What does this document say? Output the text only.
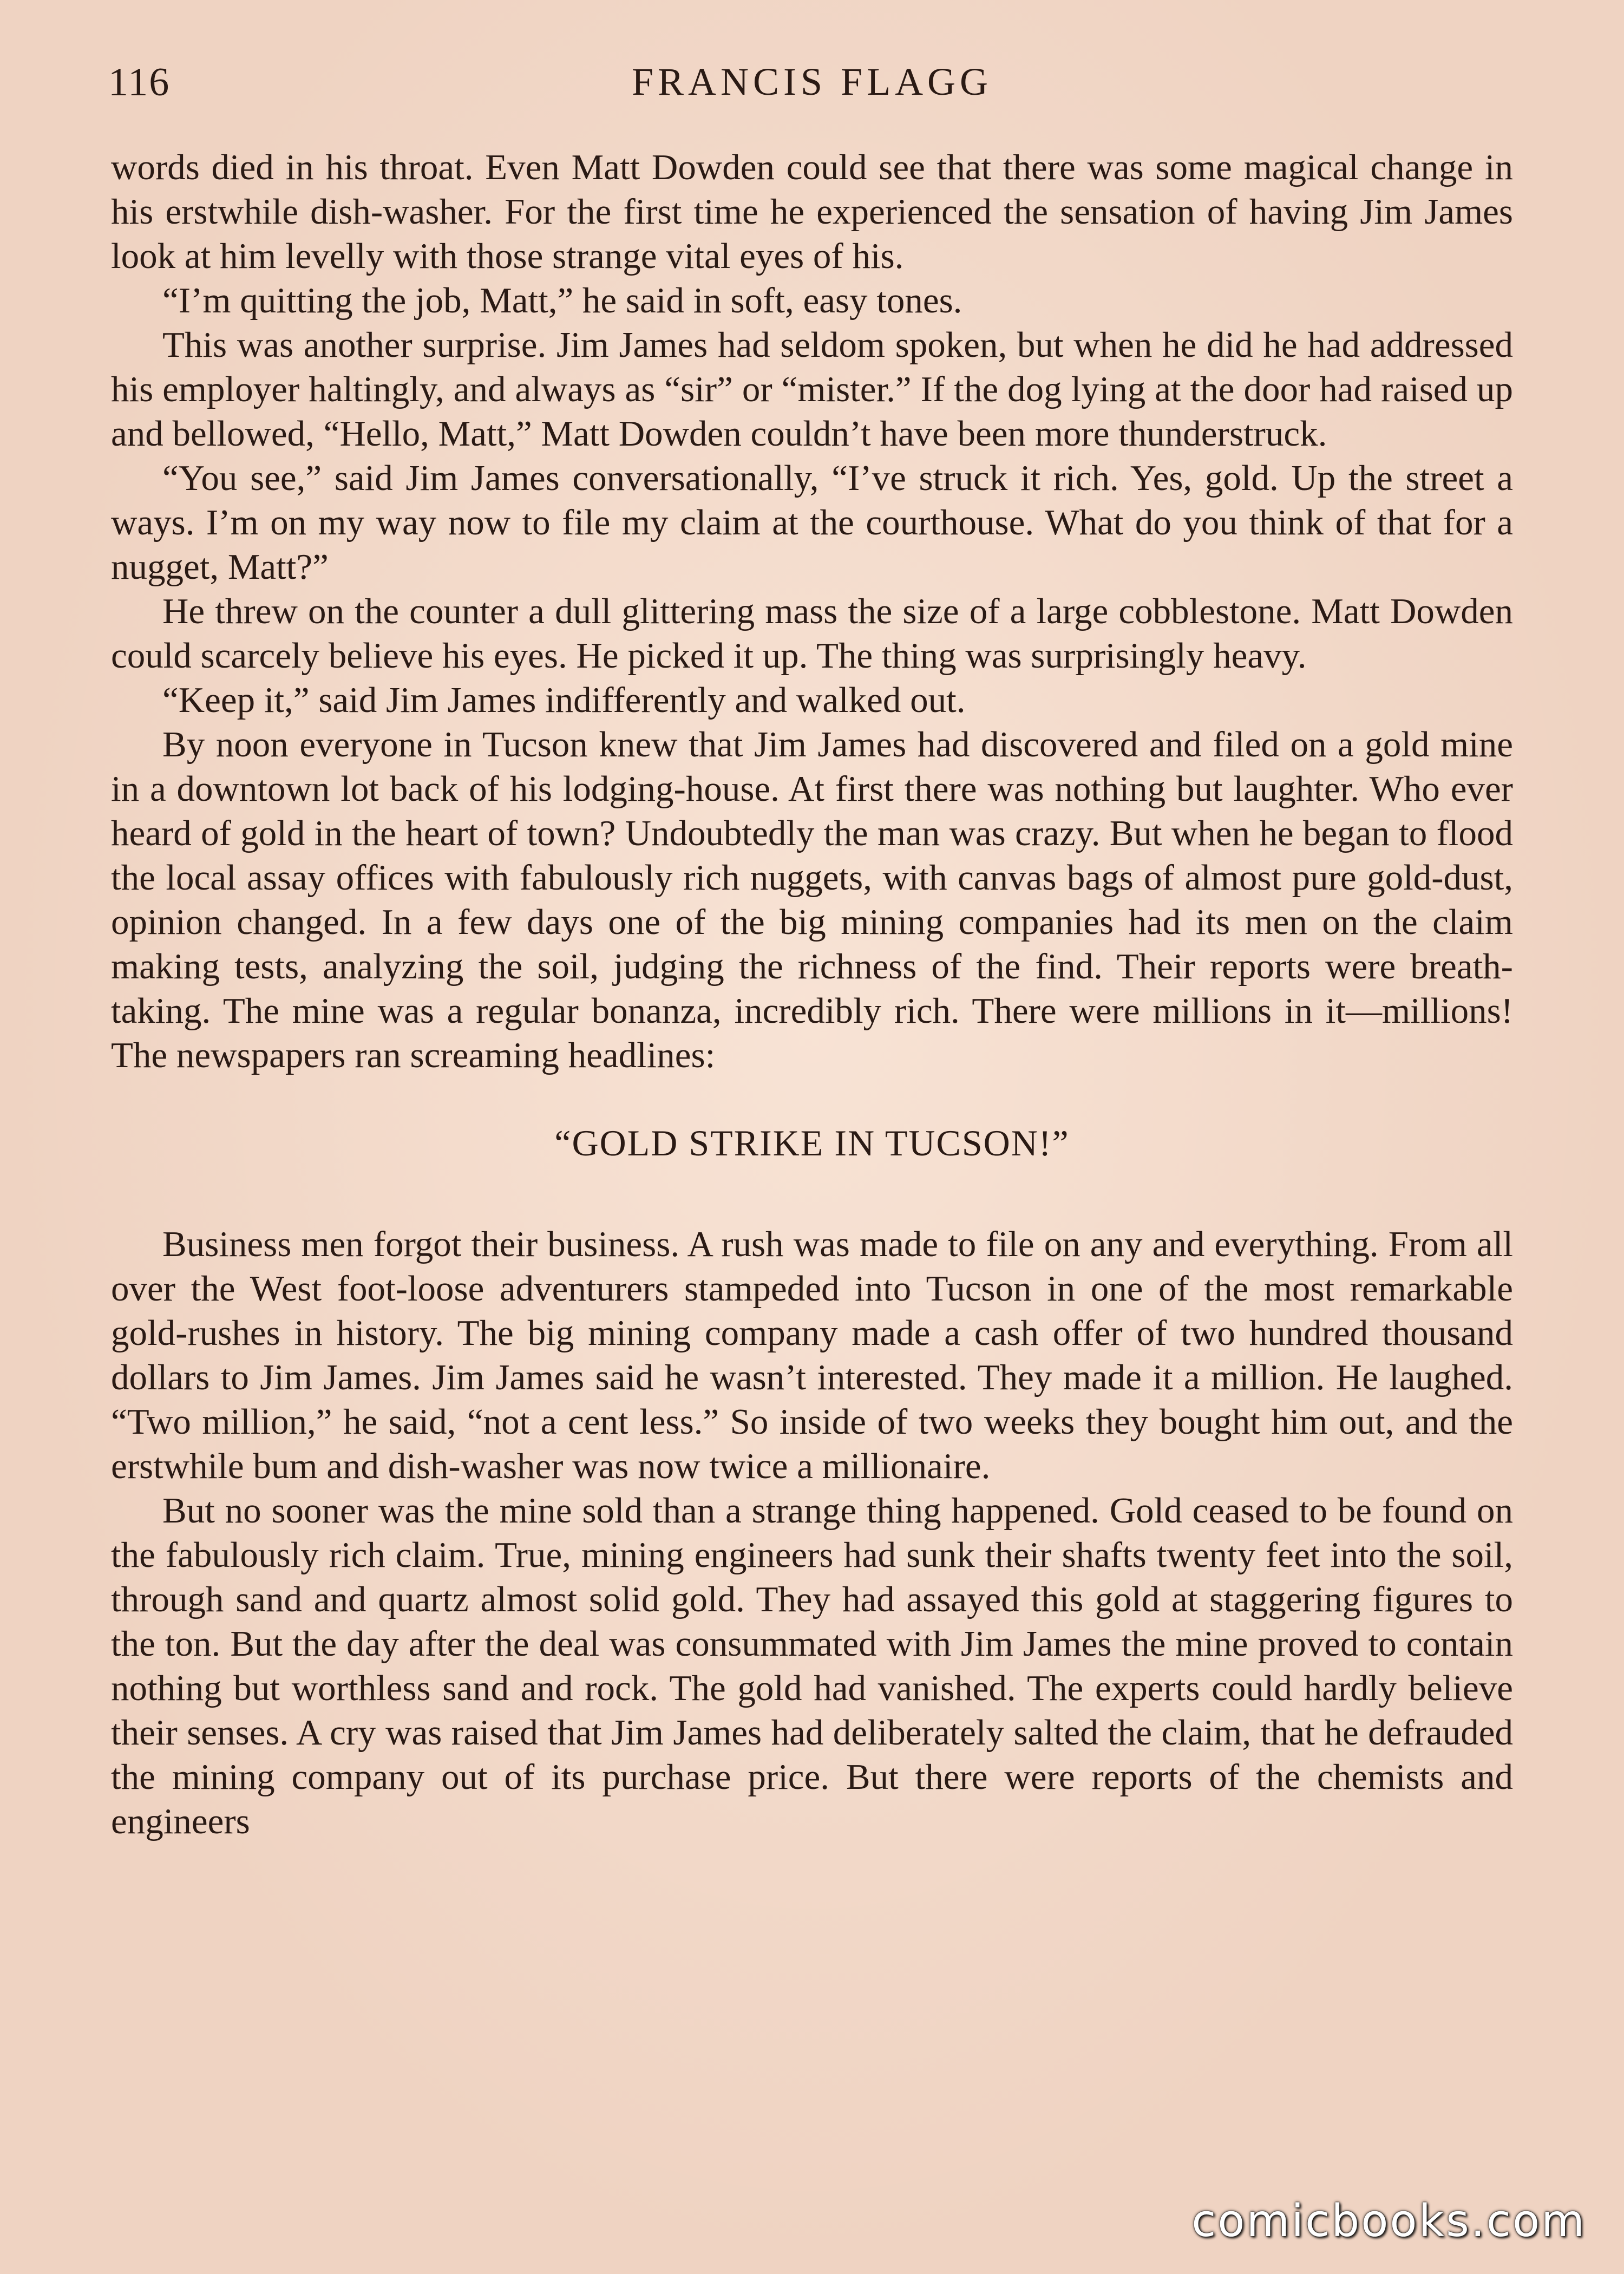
116	FRANCIS FLAGG

words died in his throat. Even Matt Dowden could see that there was some magical change in his erstwhile dish-washer. For the first time he experienced the sensation of having Jim James look at him levelly with those strange vital eyes of his.

“I’m quitting the job, Matt,” he said in soft, easy tones.

This was another surprise. Jim James had seldom spoken, but when he did he had addressed his employer haltingly, and always as “sir” or “mister.” If the dog lying at the door had raised up and bellowed, “Hello, Matt,” Matt Dowden couldn’t have been more thunderstruck.

“You see,” said Jim James conversationally, “I’ve struck it rich. Yes, gold. Up the street a ways. I’m on my way now to file my claim at the courthouse. What do you think of that for a nugget, Matt?”

He threw on the counter a dull glittering mass the size of a large cobblestone. Matt Dowden could scarcely believe his eyes. He picked it up. The thing was surprisingly heavy.

“Keep it,” said Jim James indifferently and walked out.

By noon everyone in Tucson knew that Jim James had discovered and filed on a gold mine in a downtown lot back of his lodging-house. At first there was nothing but laughter. Who ever heard of gold in the heart of town? Undoubtedly the man was crazy. But when he began to flood the local assay offices with fabulously rich nuggets, with canvas bags of almost pure gold-dust, opinion changed. In a few days one of the big mining companies had its men on the claim making tests, analyzing the soil, judging the richness of the find. Their reports were breath-taking. The mine was a regular bonanza, incredibly rich. There were millions in it—millions! The newspapers ran screaming headlines:

“GOLD STRIKE IN TUCSON!”

Business men forgot their business. A rush was made to file on any and everything. From all over the West foot-loose adventurers stampeded into Tucson in one of the most remarkable gold-rushes in history. The big mining company made a cash offer of two hundred thousand dollars to Jim James. Jim James said he wasn’t interested. They made it a million. He laughed. “Two million,” he said, “not a cent less.” So inside of two weeks they bought him out, and the erstwhile bum and dish-washer was now twice a millionaire.

But no sooner was the mine sold than a strange thing happened. Gold ceased to be found on the fabulously rich claim. True, mining engineers had sunk their shafts twenty feet into the soil, through sand and quartz almost solid gold. They had assayed this gold at staggering figures to the ton. But the day after the deal was consummated with Jim James the mine proved to contain nothing but worthless sand and rock. The gold had vanished. The experts could hardly believe their senses. A cry was raised that Jim James had deliberately salted the claim, that he defrauded the mining company out of its purchase price. But there were reports of the chemists and engineers

comicbooks.com
